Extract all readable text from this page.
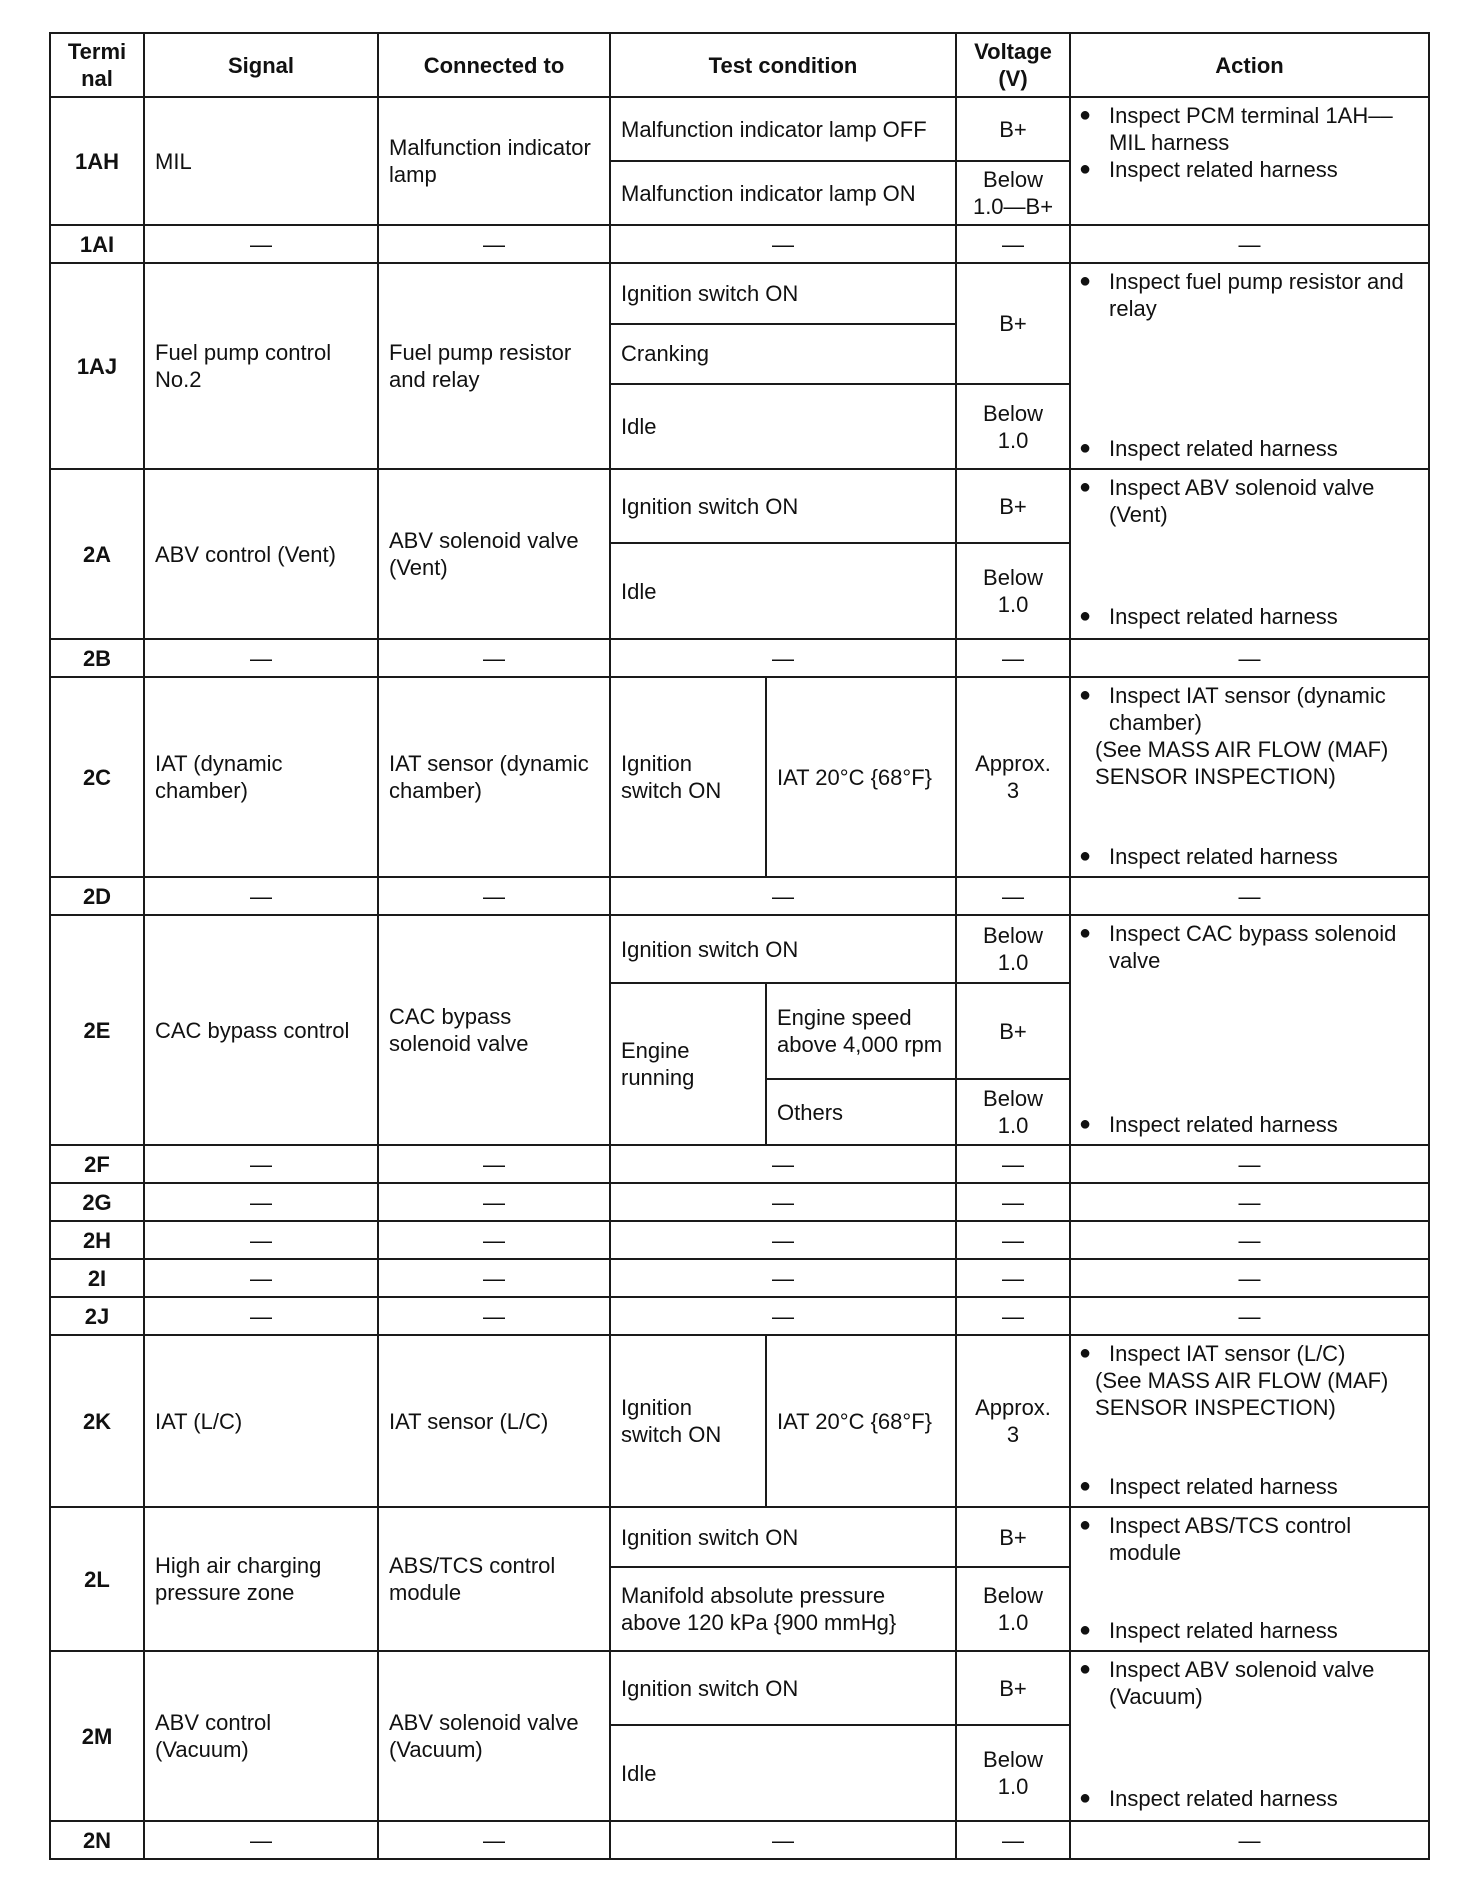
Termi nal	Signal	Connected to	Test condition		Voltage (V)	Action
1AH	MIL	Malfunction indicator lamp	Malfunction indicator lamp OFF		B+	● Inspect PCM terminal 1AH–– MIL harness
● Inspect related harness

			Malfunction indicator lamp ON		Below 1.0—B+	
1AI	—	—	—		—	—
1AJ	Fuel pump control No.2	Fuel pump resistor and relay	Ignition switch ON		B+	● Inspect fuel pump resistor and relay
● Inspect related harness

			Cranking			
			Idle		Below 1.0	
2A	ABV control (Vent)	ABV solenoid valve (Vent)	Ignition switch ON		B+	● Inspect ABV solenoid valve (Vent)
● Inspect related harness

			Idle		Below 1.0	
2B	—	—	—		—	—
2C	IAT (dynamic chamber)	IAT sensor (dynamic chamber)	Ignition switch ON	IAT 20°C {68°F}	Approx. 3	● Inspect IAT sensor (dynamic chamber)
(See MASS AIR FLOW (MAF) SENSOR INSPECTION)
● Inspect related harness

2D	—	—	—		—	—
2E	CAC bypass control	CAC bypass solenoid valve	Ignition switch ON		Below 1.0	● Inspect CAC bypass solenoid valve
● Inspect related harness

			Engine running	Engine speed above 4,000 rpm	B+	
				Others	Below 1.0	
2F	—	—	—		—	—
2G	—	—	—		—	—
2H	—	—	—		—	—
2I	—	—	—		—	—
2J	—	—	—		—	—
2K	IAT (L/C)	IAT sensor (L/C)	Ignition switch ON	IAT 20°C {68°F}	Approx. 3	● Inspect IAT sensor (L/C)
(See MASS AIR FLOW (MAF) SENSOR INSPECTION)
● Inspect related harness

2L	High air charging pressure zone	ABS/TCS control module	Ignition switch ON		B+	● Inspect ABS/TCS control module
● Inspect related harness

			Manifold absolute pressure above 120 kPa {900 mmHg}		Below 1.0	
2M	ABV control (Vacuum)	ABV solenoid valve (Vacuum)	Ignition switch ON		B+	● Inspect ABV solenoid valve (Vacuum)
● Inspect related harness

			Idle		Below 1.0	
2N	—	—	—		—	—
